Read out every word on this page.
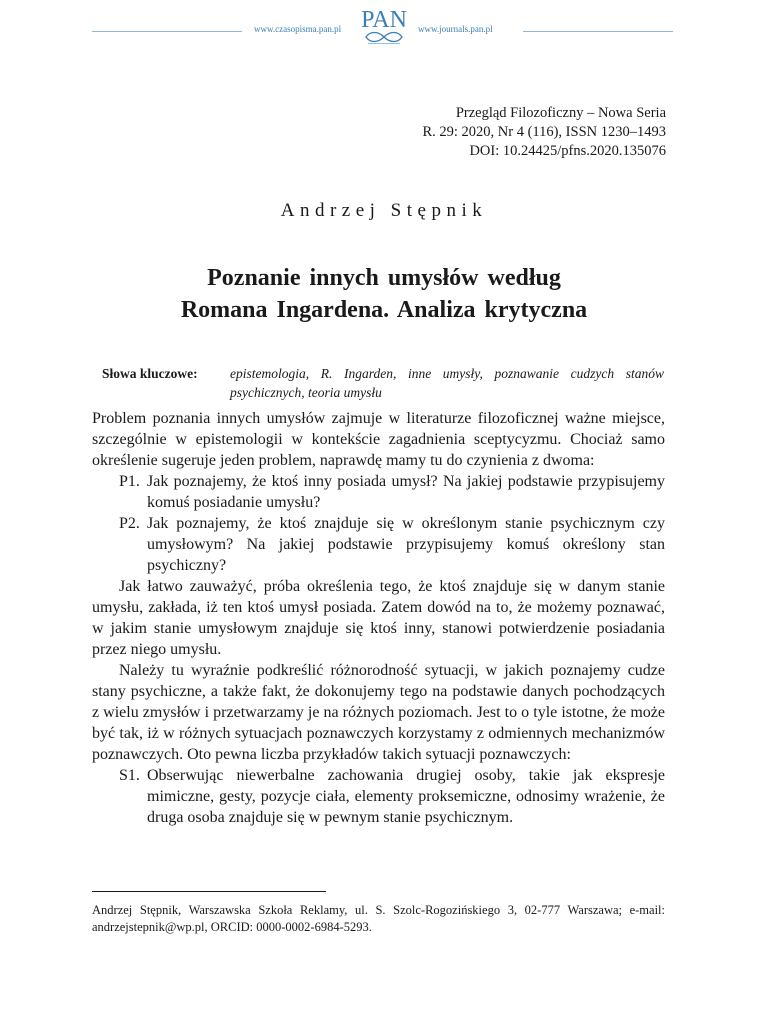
www.czasopisma.pan.pl PAN	www.journals.pan.pl
Przegląd Filozoficzny – Nowa Seria
R. 29: 2020, Nr 4 (116), ISSN 1230–1493
DOI: 10.24425/pfns.2020.135076
Andrzej Stępnik
Poznanie innych umysłów według
Romana Ingardena. Analiza krytyczna
Słowa kluczowe: epistemologia, R. Ingarden, inne umysły, poznawanie cudzych stanów psychicznych, teoria umysłu

Problem poznania innych umysłów zajmuje w literaturze filozoficznej ważne miejsce, szczególnie w epistemologii w kontekście zagadnienia sceptycyzmu. Chociaż samo określenie sugeruje jeden problem, naprawdę mamy tu do czynienia z dwoma:

P1. Jak poznajemy, że ktoś inny posiada umysł? Na jakiej podstawie przypisujemy komuś posiadanie umysłu?

P2. Jak poznajemy, że ktoś znajduje się w określonym stanie psychicznym czy umysłowym? Na jakiej podstawie przypisujemy komuś określony stan psychiczny?

Jak łatwo zauważyć, próba określenia tego, że ktoś znajduje się w danym stanie umysłu, zakłada, iż ten ktoś umysł posiada. Zatem dowód na to, że możemy poznawać, w jakim stanie umysłowym znajduje się ktoś inny, stanowi potwierdzenie posiadania przez niego umysłu.

Należy tu wyraźnie podkreślić różnorodność sytuacji, w jakich poznajemy cudze stany psychiczne, a także fakt, że dokonujemy tego na podstawie danych pochodzących z wielu zmysłów i przetwarzamy je na różnych poziomach. Jest to o tyle istotne, że może być tak, iż w różnych sytuacjach poznawczych korzystamy z odmiennych mechanizmów poznawczych. Oto pewna liczba przykładów takich sytuacji poznawczych:

S1. Obserwując niewerbalne zachowania drugiej osoby, takie jak ekspresje mimiczne, gesty, pozycje ciała, elementy proksemiczne, odnosimy wrażenie, że druga osoba znajduje się w pewnym stanie psychicznym.

Andrzej Stępnik, Warszawska Szkoła Reklamy, ul. S. Szolc-Rogozińskiego 3, 02-777 Warszawa; e-mail: andrzejstepnik@wp.pl, ORCID: 0000-0002-6984-5293.
